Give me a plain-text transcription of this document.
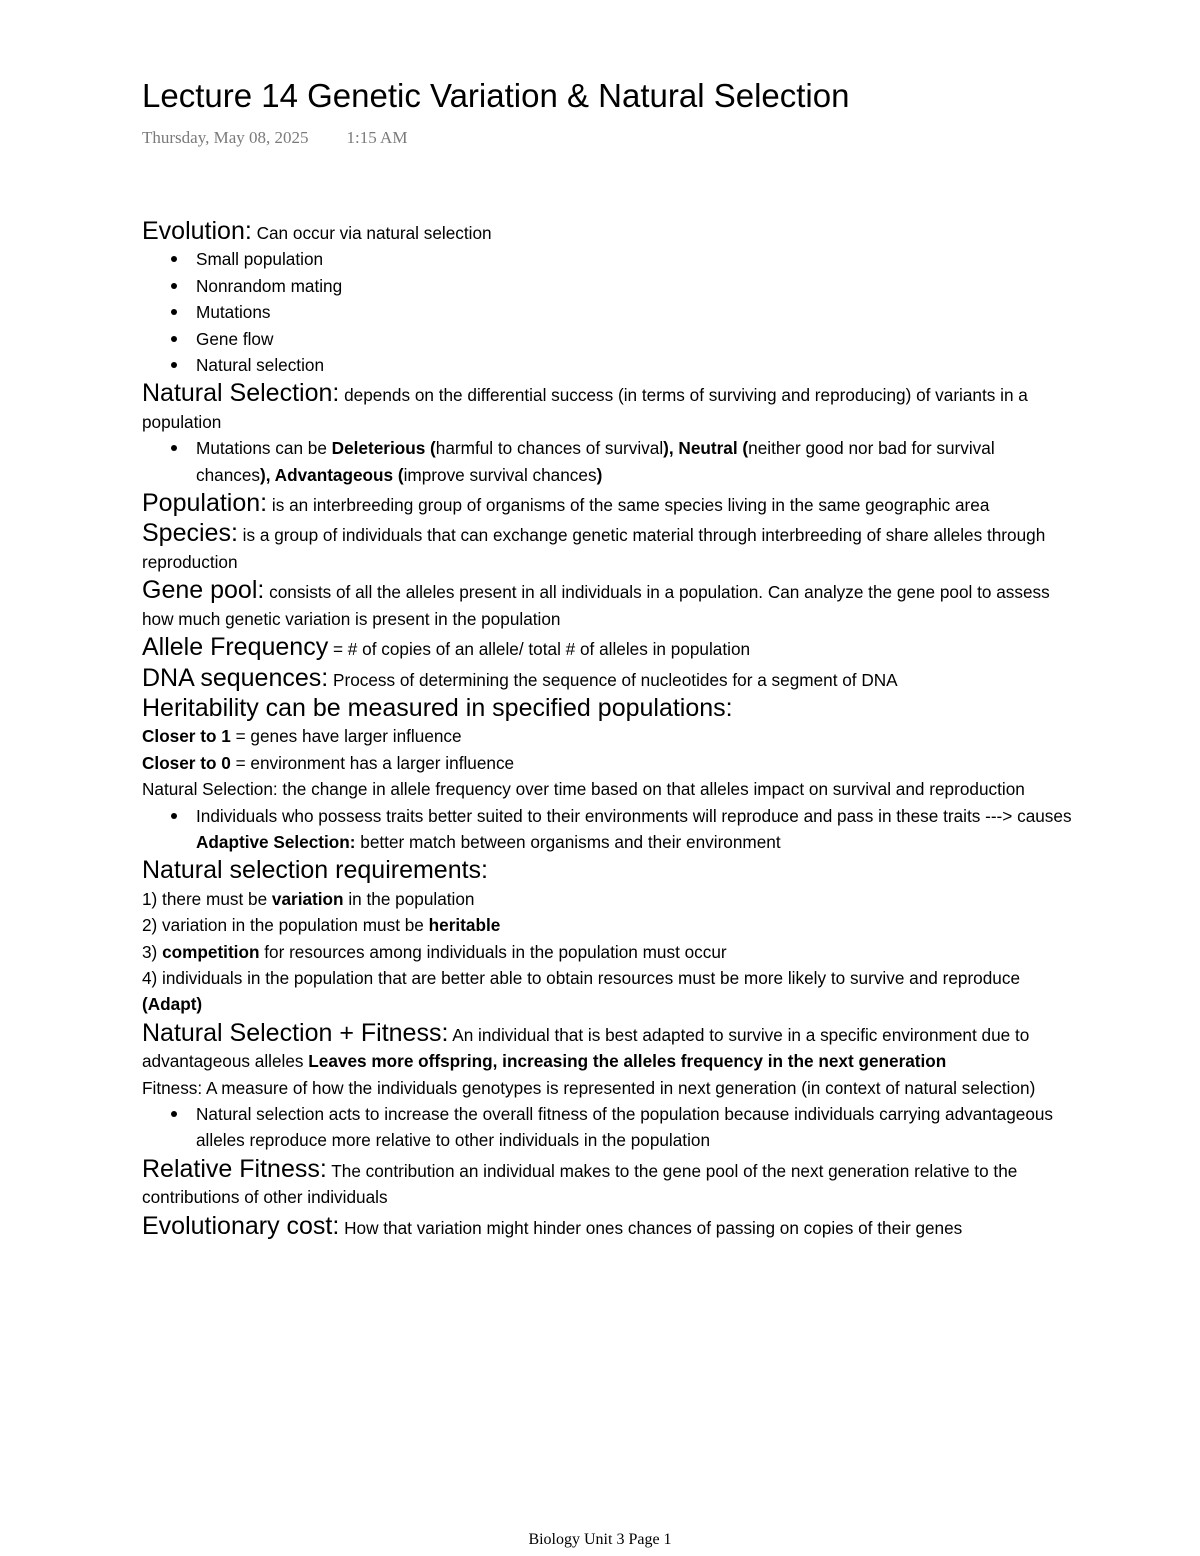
Lecture 14 Genetic Variation & Natural Selection
Thursday, May 08, 2025 1:15 AM

Evolution: Can occur via natural selection

Small population
Nonrandom mating
Mutations
Gene flow
Natural selection

Natural Selection: depends on the differential success (in terms of surviving and reproducing) of variants in a population

Mutations can be Deleterious (harmful to chances of survival), Neutral (neither good nor bad for survival chances), Advantageous (improve survival chances)

Population: is an interbreeding group of organisms of the same species living in the same geographic area

Species: is a group of individuals that can exchange genetic material through interbreeding of share alleles through reproduction

Gene pool: consists of all the alleles present in all individuals in a population. Can analyze the gene pool to assess how much genetic variation is present in the population

Allele Frequency = # of copies of an allele/ total # of alleles in population

DNA sequences: Process of determining the sequence of nucleotides for a segment of DNA

Heritability can be measured in specified populations:

Closer to 1 = genes have larger influence

Closer to 0 = environment has a larger influence

Natural Selection: the change in allele frequency over time based on that alleles impact on survival and reproduction

Individuals who possess traits better suited to their environments will reproduce and pass in these traits ---> causes Adaptive Selection: better match between organisms and their environment

Natural selection requirements:

1) there must be variation in the population

2) variation in the population must be heritable

3) competition for resources among individuals in the population must occur

4) individuals in the population that are better able to obtain resources must be more likely to survive and reproduce (Adapt)

Natural Selection + Fitness: An individual that is best adapted to survive in a specific environment due to advantageous alleles Leaves more offspring, increasing the alleles frequency in the next generation

Fitness: A measure of how the individuals genotypes is represented in next generation (in context of natural selection)

Natural selection acts to increase the overall fitness of the population because individuals carrying advantageous alleles reproduce more relative to other individuals in the population

Relative Fitness: The contribution an individual makes to the gene pool of the next generation relative to the contributions of other individuals

Evolutionary cost: How that variation might hinder ones chances of passing on copies of their genes

Biology Unit 3 Page 1
